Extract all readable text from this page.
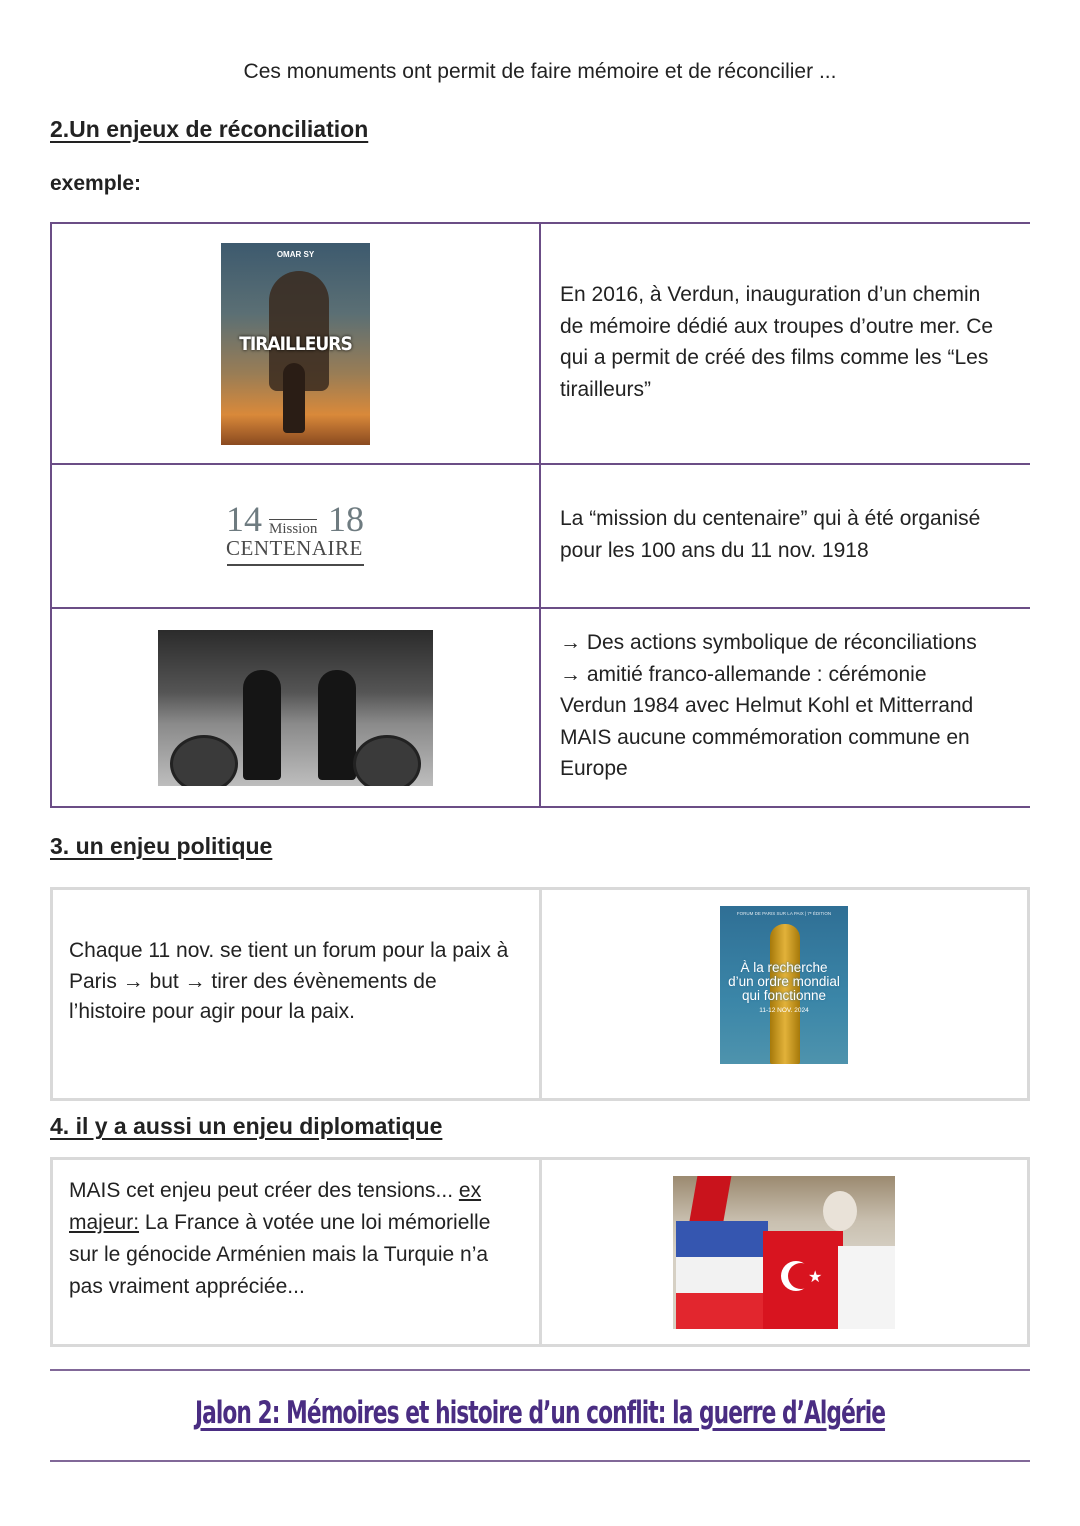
Ces monuments ont permit de faire mémoire et de réconcilier ...
2.Un enjeux de réconciliation
exemple:
OMAR SY
TIRAILLEURS
En 2016, à Verdun, inauguration d’un chemin
de mémoire dédié aux troupes d’outre mer. Ce
qui a permit de créé des films comme les “Les
tirailleurs”
14 Mission 18
CENTENAIRE
La “mission du centenaire” qui à été organisé
pour les 100 ans du 11 nov. 1918
→ Des actions symbolique de réconciliations
→ amitié franco-allemande : cérémonie
Verdun 1984 avec Helmut Kohl et Mitterrand
MAIS aucune commémoration commune en
Europe
3. un enjeu politique
Chaque 11 nov. se tient un forum pour la paix à
Paris → but → tirer des évènements de
l’histoire pour agir pour la paix.
FORUM DE PARIS SUR LA PAIX | 7ᵉ ÉDITION
À la recherche
d’un ordre mondial
qui fonctionne
11-12 NOV. 2024
4. il y a aussi un enjeu diplomatique
MAIS cet enjeu peut créer des tensions... ex
majeur: La France à votée une loi mémorielle
sur le génocide Arménien mais la Turquie n’a
pas vraiment appréciée...	★
Jalon 2: Mémoires et histoire d’un conflit: la guerre d’Algérie
